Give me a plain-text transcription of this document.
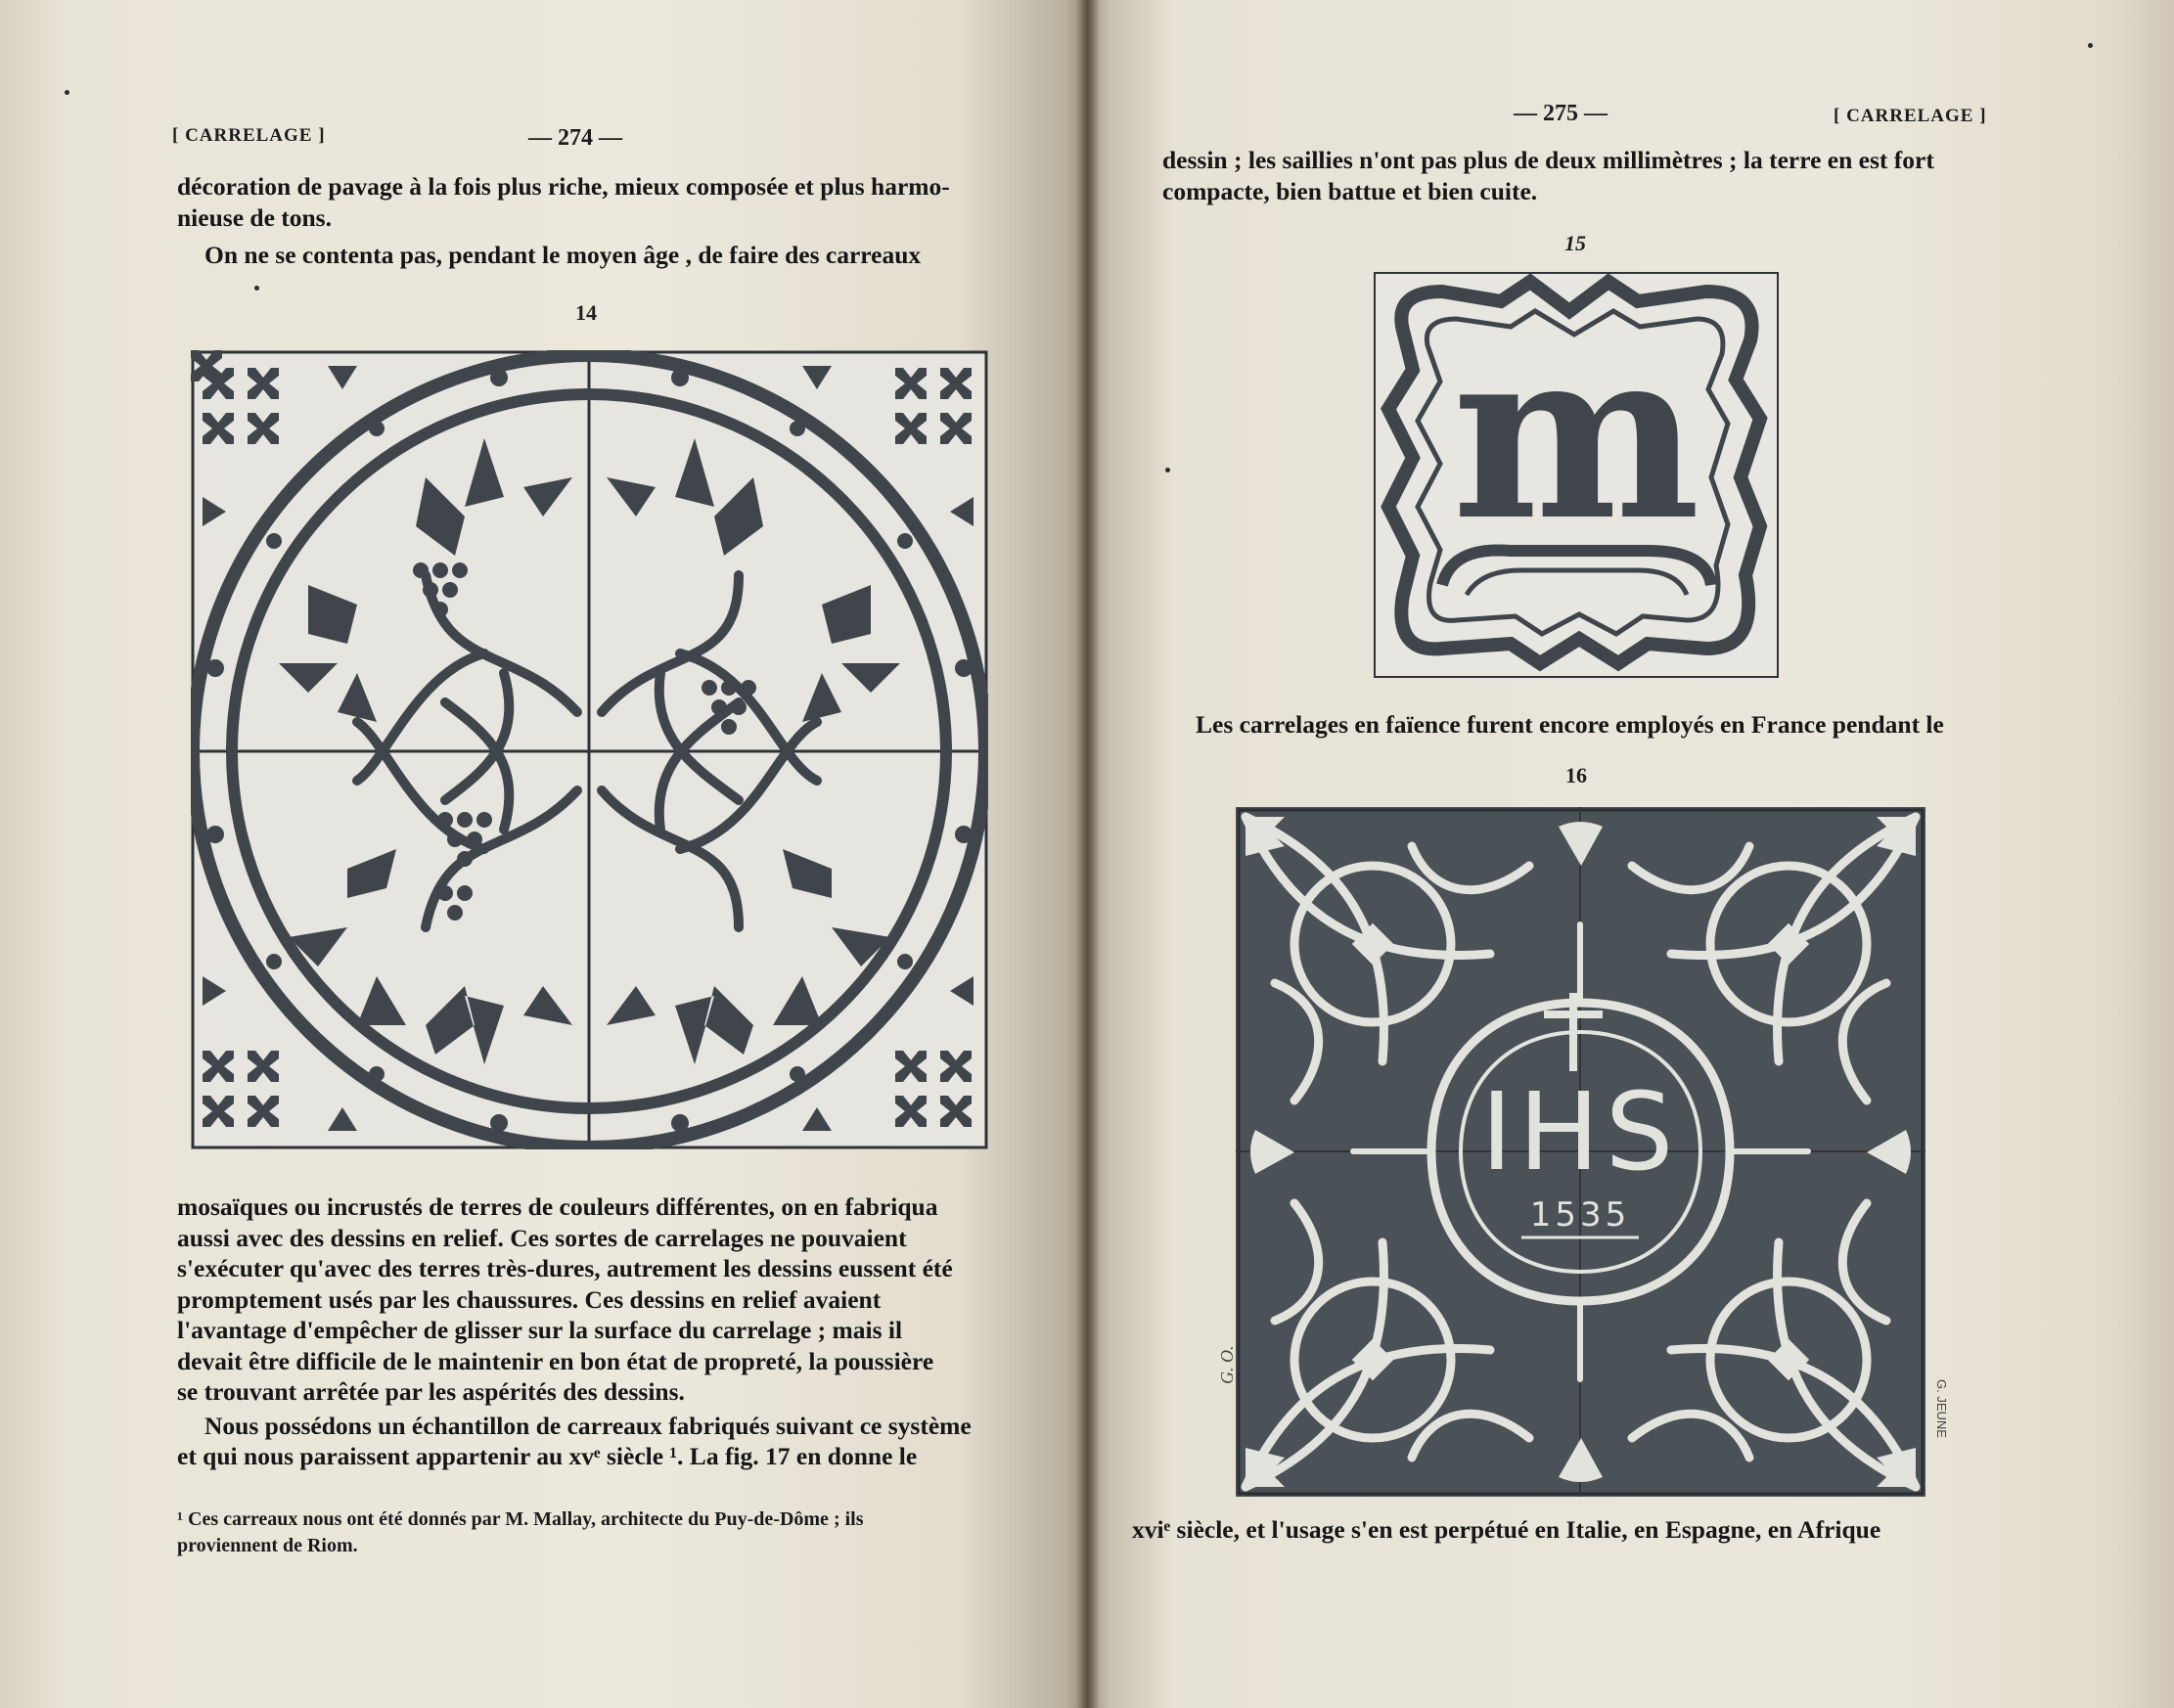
[ CARRELAGE ]	— 274 —

décoration de pavage à la fois plus riche, mieux composée et plus harmo-

nieuse de tons.

On ne se contenta pas, pendant le moyen âge , de faire des carreaux

14

mosaïques ou incrustés de terres de couleurs différentes, on en fabriqua

aussi avec des dessins en relief. Ces sortes de carrelages ne pouvaient

s'exécuter qu'avec des terres très-dures, autrement les dessins eussent été

promptement usés par les chaussures. Ces dessins en relief avaient

l'avantage d'empêcher de glisser sur la surface du carrelage ; mais il

devait être difficile de le maintenir en bon état de propreté, la poussière

se trouvant arrêtée par les aspérités des dessins.

Nous possédons un échantillon de carreaux fabriqués suivant ce système

et qui nous paraissent appartenir au xvᵉ siècle ¹. La fig. 17 en donne le

¹ Ces carreaux nous ont été donnés par M. Mallay, architecte du Puy-de-Dôme ; ils
proviennent de Riom.
— 275 —	[ CARRELAGE ]

dessin ; les saillies n'ont pas plus de deux millimètres ; la terre en est fort

compacte, bien battue et bien cuite.

15
m

Les carrelages en faïence furent encore employés en France pendant le

16
IHS
1535
G. O.
G. JEUNE

xviᵉ siècle, et l'usage s'en est perpétué en Italie, en Espagne, en Afrique
